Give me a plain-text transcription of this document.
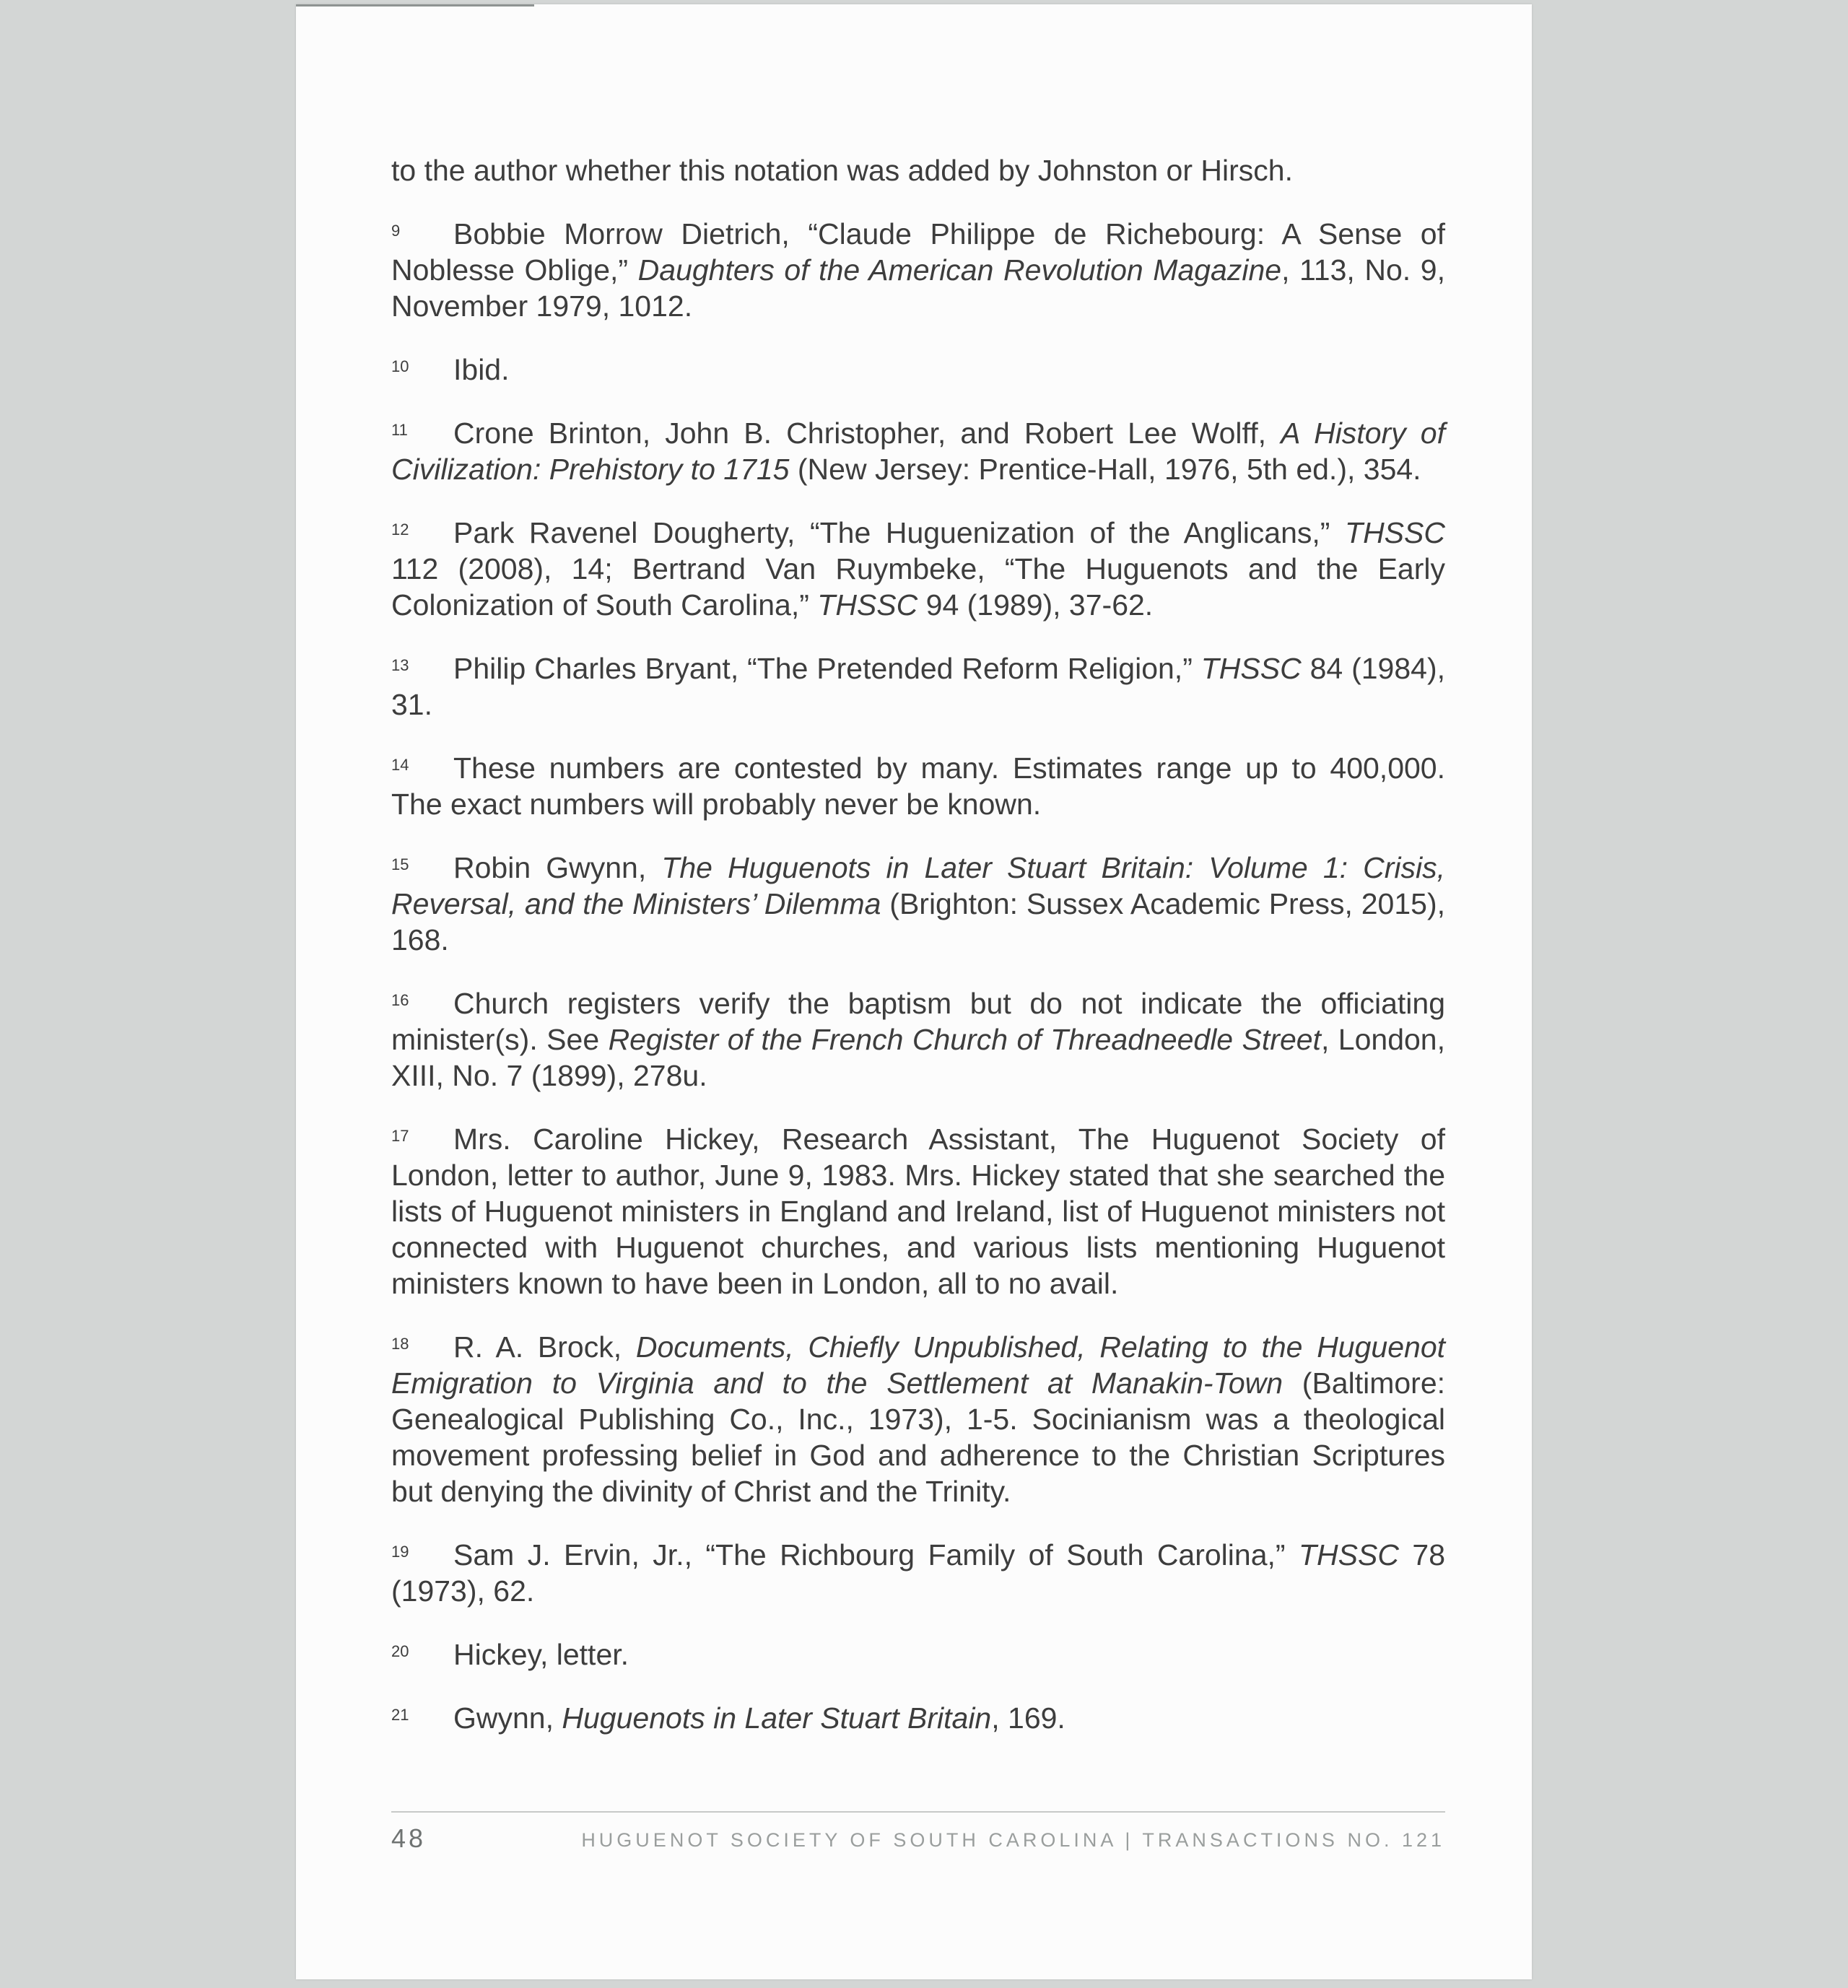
to the author whether this notation was added by Johnston or Hirsch.

9 Bobbie Morrow Dietrich, “Claude Philippe de Richebourg: A Sense of Noblesse Oblige,” Daughters of the American Revolution Magazine, 113, No. 9, November 1979, 1012.

10 Ibid.

11 Crone Brinton, John B. Christopher, and Robert Lee Wolff, A History of Civilization: Prehistory to 1715 (New Jersey: Prentice-Hall, 1976, 5th ed.), 354.

12 Park Ravenel Dougherty, “The Huguenization of the Anglicans,” THSSC 112 (2008), 14; Bertrand Van Ruymbeke, “The Huguenots and the Early Colonization of South Carolina,” THSSC 94 (1989), 37-62.

13 Philip Charles Bryant, “The Pretended Reform Religion,” THSSC 84 (1984), 31.

14 These numbers are contested by many. Estimates range up to 400,000. The exact numbers will probably never be known.

15 Robin Gwynn, The Huguenots in Later Stuart Britain: Volume 1: Crisis, Reversal, and the Ministers’ Dilemma (Brighton: Sussex Academic Press, 2015), 168.

16 Church registers verify the baptism but do not indicate the officiating minister(s). See Register of the French Church of Threadneedle Street, London, XIII, No. 7 (1899), 278u.

17 Mrs. Caroline Hickey, Research Assistant, The Huguenot Society of London, letter to author, June 9, 1983. Mrs. Hickey stated that she searched the lists of Huguenot ministers in England and Ireland, list of Huguenot ministers not connected with Huguenot churches, and various lists mentioning Huguenot ministers known to have been in London, all to no avail.

18 R. A. Brock, Documents, Chiefly Unpublished, Relating to the Huguenot Emigration to Virginia and to the Settlement at Manakin-Town (Baltimore: Genealogical Publishing Co., Inc., 1973), 1-5. Socinianism was a theological movement professing belief in God and adherence to the Christian Scriptures but denying the divinity of Christ and the Trinity.

19 Sam J. Ervin, Jr., “The Richbourg Family of South Carolina,” THSSC 78 (1973), 62.

20 Hickey, letter.

21 Gwynn, Huguenots in Later Stuart Britain, 169.

48	HUGUENOT SOCIETY OF SOUTH CAROLINA | TRANSACTIONS NO. 121
